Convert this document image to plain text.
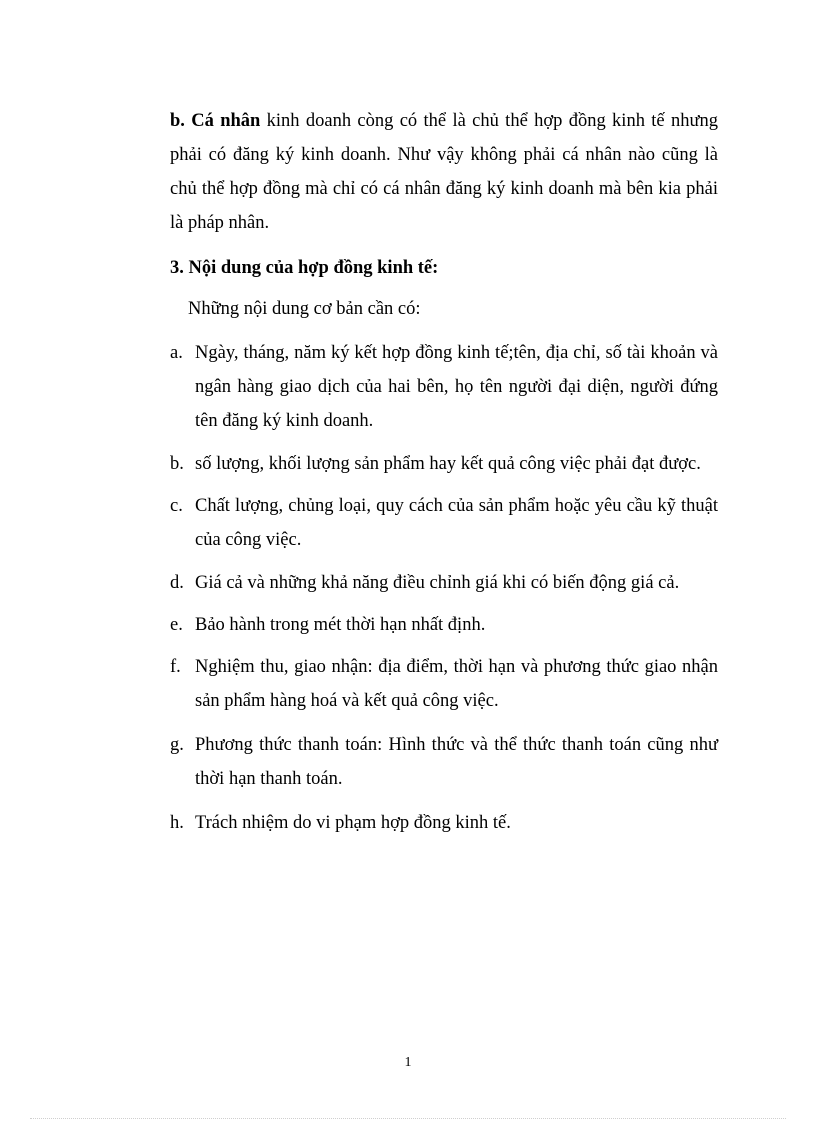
b. Cá nhân kinh doanh còng có thể là chủ thể hợp đồng kinh tế nhưng phải có đăng ký kinh doanh. Như vậy không phải cá nhân nào cũng là chủ thể hợp đồng mà chỉ có cá nhân đăng ký kinh doanh mà bên kia phải là pháp nhân.

3. Nội dung của hợp đồng kinh tế:
Những nội dung cơ bản cần có:
a. Ngày, tháng, năm ký kết hợp đồng kinh tế;tên, địa chỉ, số tài khoản và ngân hàng giao dịch của hai bên, họ tên người đại diện, người đứng tên đăng ký kinh doanh.
b. số lượng, khối lượng sản phẩm hay kết quả công việc phải đạt được.
c. Chất lượng, chủng loại, quy cách của sản phẩm hoặc yêu cầu kỹ thuật của công việc.
d. Giá cả và những khả năng điều chỉnh giá khi có biến động giá cả.
e. Bảo hành trong mét thời hạn nhất định.
f. Nghiệm thu, giao nhận: địa điểm, thời hạn và phương thức giao nhận sản phẩm hàng hoá và kết quả công việc.
g. Phương thức thanh toán: Hình thức và thể thức thanh toán cũng như thời hạn thanh toán.
h. Trách nhiệm do vi phạm hợp đồng kinh tế.
1
